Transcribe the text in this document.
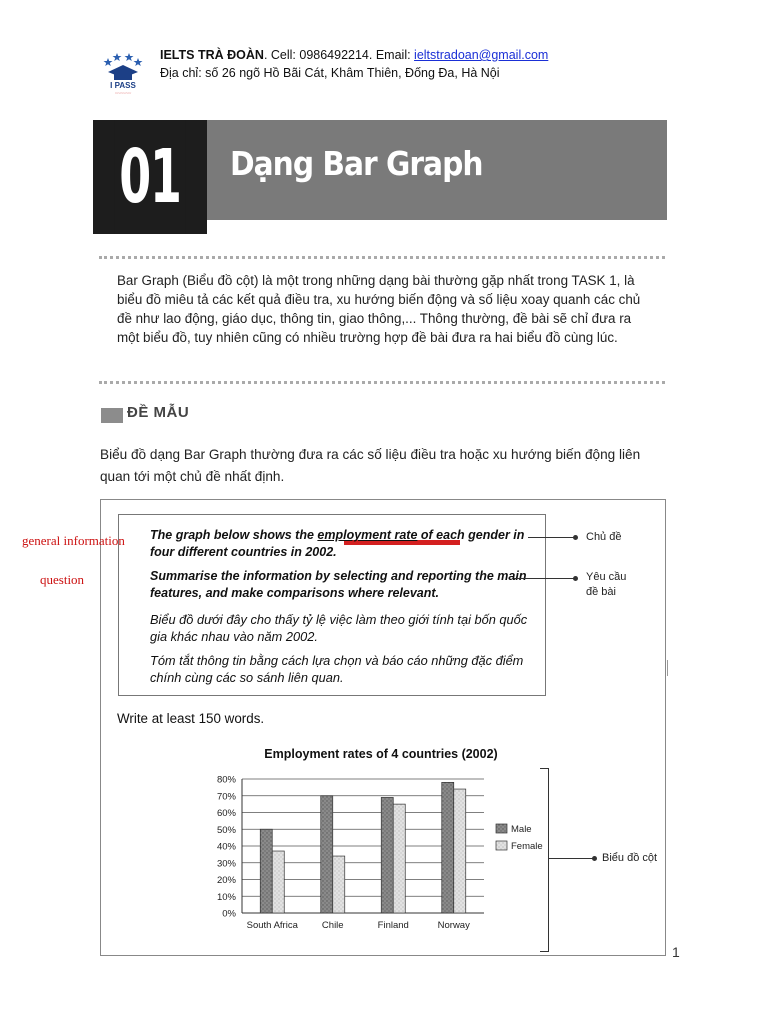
I PASS
~~~~~~~~~~
IELTS TRÀ ĐOÀN. Cell: 0986492214. Email: ieltstradoan@gmail.com
Địa chỉ: số 26 ngõ Hồ Bãi Cát, Khâm Thiên, Đống Đa, Hà Nội
01 Dạng Bar Graph
Bar Graph (Biểu đồ cột) là một trong những dạng bài thường gặp nhất trong TASK 1, là biểu đồ miêu tả các kết quả điều tra, xu hướng biến động và số liệu xoay quanh các chủ đề như lao động, giáo dục, thông tin, giao thông,... Thông thường, đề bài sẽ chỉ đưa ra một biểu đồ, tuy nhiên cũng có nhiều trường hợp đề bài đưa ra hai biểu đồ cùng lúc.
ĐỀ MẪU
Biểu đồ dạng Bar Graph thường đưa ra các số liệu điều tra hoặc xu hướng biến động liên quan tới một chủ đề nhất định.
The graph below shows the employment rate of each gender in four different countries in 2002.
Summarise the information by selecting and reporting the main features, and make comparisons where relevant.
Biểu đồ dưới đây cho thấy tỷ lệ việc làm theo giới tính tại bốn quốc gia khác nhau vào năm 2002.
Tóm tắt thông tin bằng cách lựa chọn và báo cáo những đặc điểm chính cùng các so sánh liên quan.
general information
question
Chủ đề
Yêu cầu
đề bài
Write at least 150 words.
Employment rates of 4 countries (2002)
0%
10%
20%
30%
40%
50%
60%
70%
80%
South Africa	Chile	Finland	Norway
Male
Female
Biểu đồ cột
1
